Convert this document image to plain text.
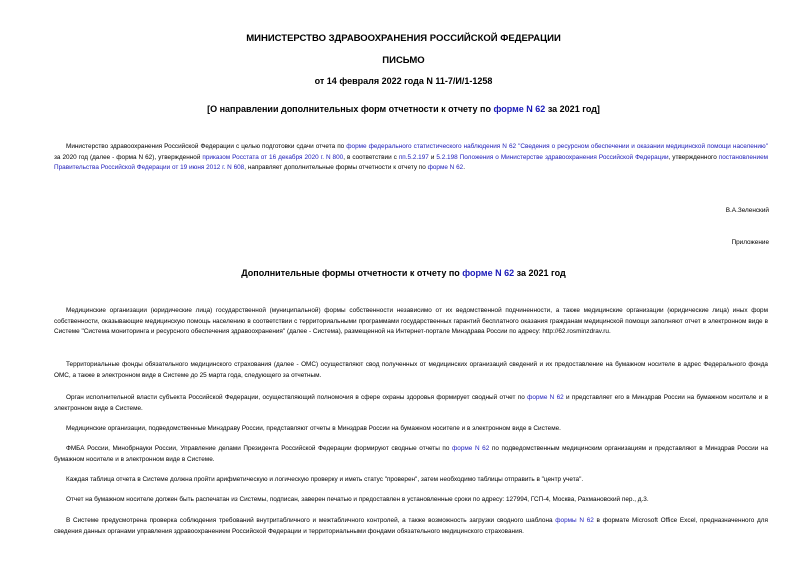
МИНИСТЕРСТВО ЗДРАВООХРАНЕНИЯ РОССИЙСКОЙ ФЕДЕРАЦИИ
ПИСЬМО
от 14 февраля 2022 года N 11-7/И/1-1258
[О направлении дополнительных форм отчетности к отчету по форме N 62 за 2021 год]
Министерство здравоохранения Российской Федерации с целью подготовки сдачи отчета по форме федерального статистического наблюдения N 62 "Сведения о ресурсном обеспечении и оказании медицинской помощи населению" за 2020 год (далее - форма N 62), утвержденной приказом Росстата от 16 декабря 2020 г. N 800, в соответствии с пп.5.2.197 и 5.2.198 Положения о Министерстве здравоохранения Российской Федерации, утвержденного постановлением Правительства Российской Федерации от 19 июня 2012 г. N 608, направляет дополнительные формы отчетности к отчету по форме N 62.
В.А.Зеленский
Приложение
Дополнительные формы отчетности к отчету по форме N 62 за 2021 год
Медицинские организации (юридические лица) государственной (муниципальной) формы собственности независимо от их ведомственной подчиненности, а также медицинские организации (юридические лица) иных форм собственности, оказывающие медицинскую помощь населению в соответствии с территориальными программами государственных гарантий бесплатного оказания гражданам медицинской помощи заполняют отчет в электронном виде в Системе "Система мониторинга и ресурсного обеспечения здравоохранения" (далее - Система), размещенной на Интернет-портале Минздрава России по адресу: http://62.rosminzdrav.ru.
Территориальные фонды обязательного медицинского страхования (далее - ОМС) осуществляют свод полученных от медицинских организаций сведений и их предоставление на бумажном носителе в адрес Федерального фонда ОМС, а также в электронном виде в Системе до 25 марта года, следующего за отчетным.
Орган исполнительной власти субъекта Российской Федерации, осуществляющий полномочия в сфере охраны здоровья формирует сводный отчет по форме N 62 и представляет его в Минздрав России на бумажном носителе и в электронном виде в Системе.
Медицинские организации, подведомственные Минздраву России, представляют отчеты в Минздрав России на бумажном носителе и в электронном виде в Системе.
ФМБА России, Минобрнауки России, Управление делами Президента Российской Федерации формируют сводные отчеты по форме N 62 по подведомственным медицинским организациям и представляют в Минздрав России на бумажном носителе и в электронном виде в Системе.
Каждая таблица отчета в Системе должна пройти арифметическую и логическую проверку и иметь статус "проверен", затем необходимо таблицы отправить в "центр учета".
Отчет на бумажном носителе должен быть распечатан из Системы, подписан, заверен печатью и предоставлен в установленные сроки по адресу: 127994, ГСП-4, Москва, Рахмановский пер., д.3.
В Системе предусмотрена проверка соблюдения требований внутритабличного и межтабличного контролей, а также возможность загрузки сводного шаблона формы N 62 в формате Microsoft Office Excel, предназначенного для сведения данных органами управления здравоохранением Российской Федерации и территориальными фондами обязательного медицинского страхования.
